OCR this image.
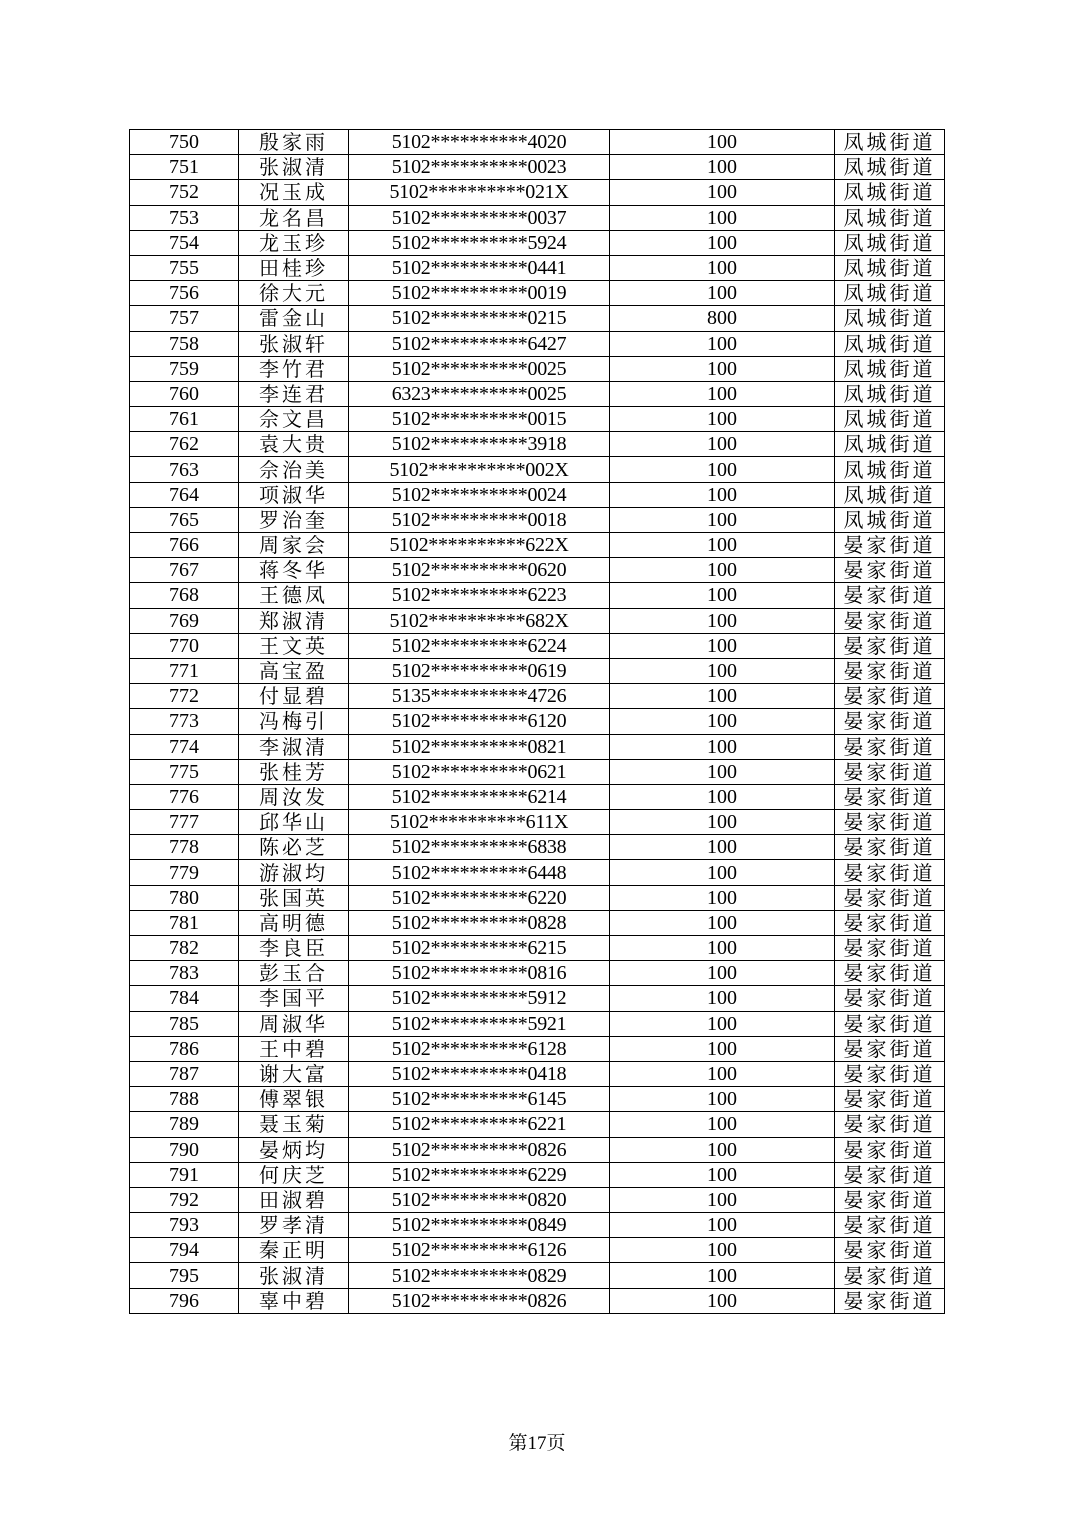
750	殷家雨	5102**********4020	100	凤城街道
751	张淑清	5102**********0023	100	凤城街道
752	况玉成	5102**********021X	100	凤城街道
753	龙名昌	5102**********0037	100	凤城街道
754	龙玉珍	5102**********5924	100	凤城街道
755	田桂珍	5102**********0441	100	凤城街道
756	徐大元	5102**********0019	100	凤城街道
757	雷金山	5102**********0215	800	凤城街道
758	张淑轩	5102**********6427	100	凤城街道
759	李竹君	5102**********0025	100	凤城街道
760	李连君	6323**********0025	100	凤城街道
761	佘文昌	5102**********0015	100	凤城街道
762	袁大贵	5102**********3918	100	凤城街道
763	佘治美	5102**********002X	100	凤城街道
764	项淑华	5102**********0024	100	凤城街道
765	罗治奎	5102**********0018	100	凤城街道
766	周家会	5102**********622X	100	晏家街道
767	蒋冬华	5102**********0620	100	晏家街道
768	王德凤	5102**********6223	100	晏家街道
769	郑淑清	5102**********682X	100	晏家街道
770	王文英	5102**********6224	100	晏家街道
771	高宝盈	5102**********0619	100	晏家街道
772	付显碧	5135**********4726	100	晏家街道
773	冯梅引	5102**********6120	100	晏家街道
774	李淑清	5102**********0821	100	晏家街道
775	张桂芳	5102**********0621	100	晏家街道
776	周汝发	5102**********6214	100	晏家街道
777	邱华山	5102**********611X	100	晏家街道
778	陈必芝	5102**********6838	100	晏家街道
779	游淑均	5102**********6448	100	晏家街道
780	张国英	5102**********6220	100	晏家街道
781	高明德	5102**********0828	100	晏家街道
782	李良臣	5102**********6215	100	晏家街道
783	彭玉合	5102**********0816	100	晏家街道
784	李国平	5102**********5912	100	晏家街道
785	周淑华	5102**********5921	100	晏家街道
786	王中碧	5102**********6128	100	晏家街道
787	谢大富	5102**********0418	100	晏家街道
788	傅翠银	5102**********6145	100	晏家街道
789	聂玉菊	5102**********6221	100	晏家街道
790	晏炳均	5102**********0826	100	晏家街道
791	何庆芝	5102**********6229	100	晏家街道
792	田淑碧	5102**********0820	100	晏家街道
793	罗孝清	5102**********0849	100	晏家街道
794	秦正明	5102**********6126	100	晏家街道
795	张淑清	5102**********0829	100	晏家街道
796	辜中碧	5102**********0826	100	晏家街道
第17页
